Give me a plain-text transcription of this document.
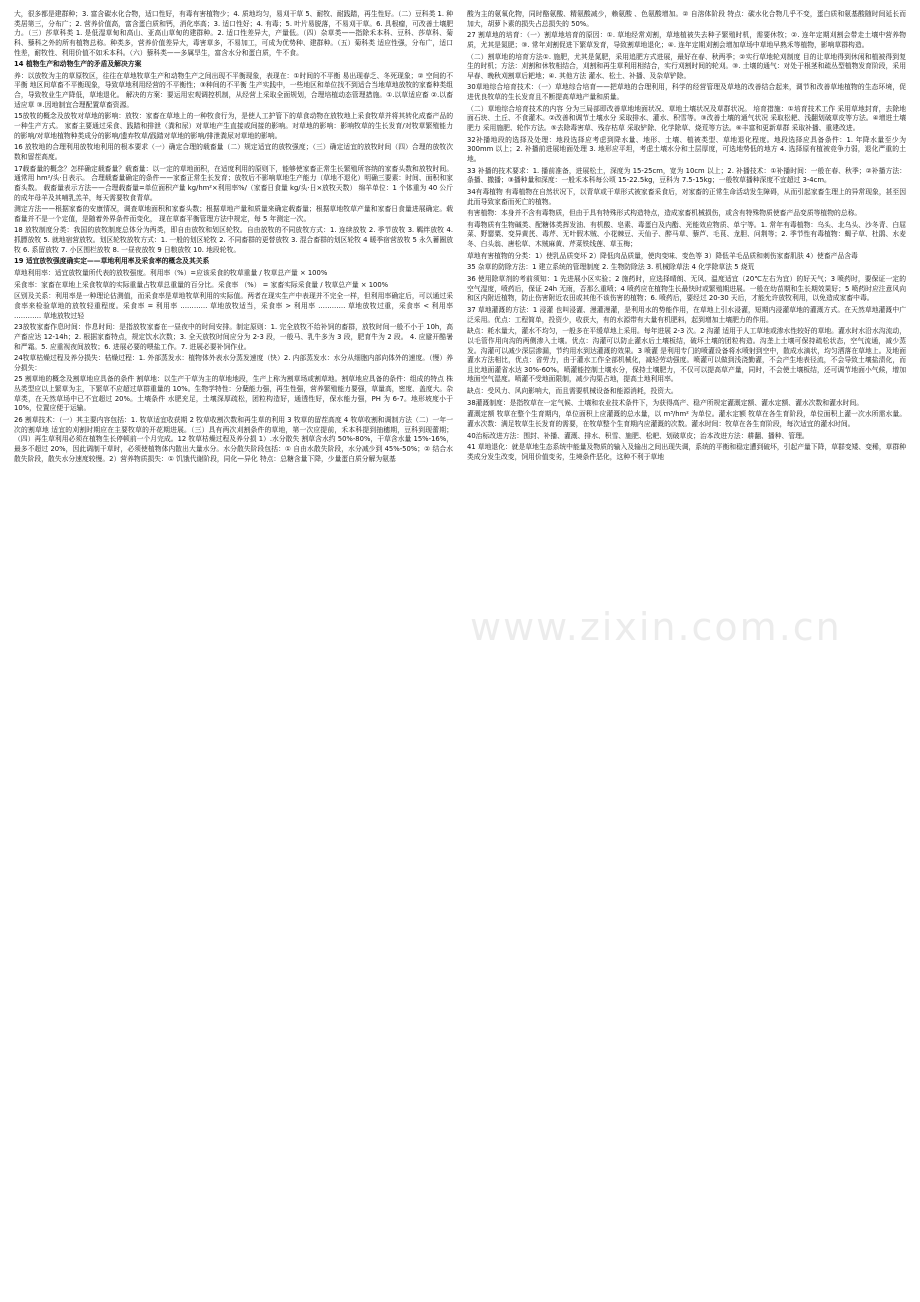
大，很多都是建群种；3. 富含碳水化合物，适口性好，有毒有害植物少；4. 质地均匀，易刈干草 5、耐牧、耐践踏，再生性好。（二）豆科类 1. 种类居第三，分布广；2. 营养价值高，富含蛋白质和钙，消化率高；3. 适口性好；4. 有毒；5. 叶片易脱落，不易刈干草。6. 具根瘤，可改善土壤肥力。（三）莎草科类 1. 是低湿草甸和高山、亚高山草甸的建群种。2. 适口性差异大，产量低。（四）杂草类——指除禾本科、豆科、莎草科、菊科、藜科之外的所有植物总称。种类多，营养价值差异大，毒害草多，不易加工，可成为优势种、建群种。（五）菊科类 适应性强，分布广，适口性差，耐牧性、利用价值不如禾本科。（六）藜科类——多属旱生，富含水分和蛋白质，牛不食。

14 植物生产和动物生产的矛盾及解决方案

养：以放牧为主的草原牧区，往往在草地牧草生产和动物生产之间出现不平衡现象，表现在：①时间的不平衡 易出现春乏、冬死现象；② 空间的不平衡 地区间草畜不平衡现象，导致草地利用经营的不平衡性；③种间的不平衡 生产实践中，一些地区和单位找不到适合当地草地放牧的家畜种类组合，导致牧业生产降低，草地退化。 解决的方案：要运用宏观调控机制，从经营上采取全面规划，合理培植动态管理措施。①.以草适应畜 ②.以畜适应草 ③.因地制宜合理配置草畜资源。

15放牧的概念及放牧对草地的影响：放牧：家畜在草地上的一种牧食行为，是使人工护管下的草食动物在放牧地上采食牧草并将其转化成畜产品的一种生产方式。 家畜主要通过采食、践踏和排泄（粪和尿）对草地产生直接或间接的影响。对草地的影响：影响牧草的生长发育/对牧草繁殖能力的影响/对草地植物种类成分的影响/遗弃牧草/践踏对草地的影响/排泄粪尿对草地的影响。

16 放牧地的合理利用放牧地利用的根本要求（一）确定合理的载畜量（二）规定适宜的放牧强度；（三）确定适宜的放牧时间（四）合理的放牧次数和留茬高度。

17载畜量的概念？怎样确定载畜量？载畜量：以一定的草地面积，在适度利用的原则下，能够使家畜正常生长繁殖所容纳的家畜头数和放牧时间。通常用 hm²/头·日表示。 合理载畜量确定的条件——家畜正常生长发育；放牧后不影响草地生产能力（草地不退化）明确三要素：时间、面积和家畜头数。 载畜量表示方法——合理载畜量=单位面积产量 kg/hm²×利用率%/（家畜日食量 kg/头·日×放牧天数） 绵羊单位：1 个体重为 40 公斤的成年母羊及其哺乳羔羊，每天需要牧食青草。

测定方法——根据家畜的安康情况，调查草地面积和家畜头数；根据草地产量和质量来确定载畜量；根据草地牧草产量和家畜日食量进展确定。载畜量并不是一个定值，是随着外界条件而变化， 现在草畜平衡管理方法中规定，每 5 年测定一次。

18 放牧制度分类：我国的放牧制度总体分为两类，即自由放牧和划区轮牧。自由放牧的不同放牧方式：1. 连续放牧 2. 季节放牧 3. 羁绊放牧 4. 抓膘放牧 5. 就地宿营放牧。划区轮牧放牧方式：1. 一般的划区轮牧 2. 不同畜群的更替放牧 3. 混合畜群的划区轮牧 4 暖季宿营放牧 5 永久蓄圈放牧 6. 系留放牧 7. 小区围栏放牧 8. 一昼夜放牧 9 日粮放牧 10. 地段轮牧。

19 适宜放牧强度确实定——草地利用率及采食率的概念及其关系

草地利用率：适宜放牧量所代表的放牧强度。利用率（%）=应该采食的牧草重量 / 牧草总产量 × 100%

采食率：家畜在草地上采食牧草的实际重量占牧草总重量的百分比。采食率 （%） = 家畜实际采食量 / 牧草总产量 × 100%

区别及关系：利用率是一种理论估测值，而采食率是草地牧草利用的实际值。两者在现实生产中表现并不完全一样，但利用率确定后，可以通过采食率来检验草地的放牧轻重程度。采食率 = 利用率 ………… 草地放牧适当，采食率 > 利用率 ………… 草地放牧过重，采食率 < 利用率 ………… 草地放牧过轻

23放牧家畜作息时间：作息时间：是指放牧家畜在一昼夜中的时间安排。制定原则：1. 完全放牧不给补饲的畜群，放牧时间一般不小于 10h，高产畜应达 12-14h；2. 根据家畜特点，规定饮水次数；3. 全天放牧时间应分为 2-3 段，一般马、乳牛多为 3 段，肥育牛为 2 段。 4. 应避开酷暑和严霜。5. 应重视夜间放牧；6. 进展必要的喂盐工作。7. 进展必要补饲作业。

24牧草枯燥过程及养分损失：枯燥过程：1. 外部蒸发水：植物体外表水分蒸发速度（快）2. 内部蒸发水：水分从细胞内部向体外的速度。（慢）养分损失：

25 割草地的概念及割草地应具备的条件 割草地：以生产干草为主的草地地段，生产上称为割草场或割草地。割草地应具备的条件：组成的特点 株丛类型应以上繁草为主，下繁草不应超过草群重量的 10%。生物学特性：分蘖能力强，再生性强，营养繁殖能力要强，草量高，密度、盖度大。杂草类，在天然草场中已不宜超过 20%。土壤条件 水肥充足，土壤深厚疏松，团粒构造好，通透性好，保水能力强，PH 为 6-7。地形坡度小于 10%，位置应便于运输。

26 割草技术：（一）其主要内容包括：1. 牧草适宜收获期 2 牧草收割次数和再生草的利用 3 牧草的留茬高度 4 牧草收割和调制方法（二）一年一次的割草地 适宜的刈割时期应在主要牧草的开花期进展。（三）具有两次刈割条件的草地，第一次应提前，禾本科提到抽穗期，豆科到现蕾期；（四）再生草利用必须在植物生长停顿前一个月完成。12 牧草枯燥过程及养分损 1）.水分散失 割草含水约 50%-80%，干草含水量 15%-16%，最多不超过 20%，因此调制干草时，必须使植物体内散出大量水分。水分散失阶段包括：① 自由水散失阶段，水分减少到 45%-50%；② 结合水散失阶段，散失水分速度较慢。2）营养物质损失：① 饥饿代谢阶段，同化—异化 特点：总糖含量下降，少量蛋白质分解为氨基

酸为主的氨氧化物，同时酪氨酸、精氨酸减少，赖氨酸 、色氨酸增加。② 自溶体阶段 特点：碳水化合物几乎不变，蛋白质和氨基酸随时间延长而加大，胡萝卜素的损失占总损失的 50%。

27 割草地的培育：（一）割草地培育的原因：①. 草地经常刈割，草地植被失去种子繁殖时机，需要休牧；②. 连年定期刈割会带走土壤中营养物质，尤其是氮肥；③. 常年刈割促进下繁草发育，导致割草地退化；④. 连年定期刈割会增加草场中草地早熟禾等植物，影响草群构造。

（二）割草地的培育方法①. 施肥，尤其是氮肥，采用追肥方式进展，最好在春、秋两季；②实行草地轮刈制度 目的让草地得到休闲和植被得到复生的时机；方法：刈割和休牧相结合，刈割和再生草利用相结合，实行刈割时间的轮刈。③. 土壤的通气：对处于根茎和疏丛型植物发育阶段，采用早春、晚秋刈割草后耙地；④. 其他方法 灌水、松土、补播、及杂草铲除。

30草地综合培育技术：（一）草地综合培育——把草地的合理利用，科学的经营管理及草地的改善结合起来，调节和改善草地植物的生态环境，促进优良牧草的生长发育且不断提高草地产量和质量。

（二）草地综合培育技术的内容 分为三局部即改善草地地面状况、草地土壤状况及草群状况。 培育措施：①培育技术工作 采用草地封育，去除地面石块、土丘、不食灌木。②改善和调节土壤水分 采取排水、灌水、积雪等。③改善土壤的通气状况 采取松耙、浅翻划破草皮等方法。④增进土壤肥力 采用施肥、轮作方法。⑤去除毒害草、残存枯草 采取铲除、化学除草、烧荒等方法。⑥丰富和更新草群 采取补播、重建改进。

32补播地段的选择及处理：地段选择应考虑到降水量、地形、土壤、植被类型、草地退化程度。地段选择应具备条件：1. 年降水量至少为 300mm 以上；2. 补播前进展地面处理 3. 地形应平坦，考虑土壤水分和土层厚度，可选地势低的地方 4. 选择原有植被竞争力弱，退化严重的土地。

33 补播的技术要求：1. 播前准备，进展松土，深度为 15-25cm，宽为 10cm 以上；2. 补播技术：①补播时间：一般在春、秋季；②补播方法：条播、撒播；③播种量和深度：一般禾本科每公顷 15-22.5kg，豆科为 7.5-15kg；一般牧草播种深度不宜超过 3-4cm。

34有毒植物 有毒植物在自然状况下，以青草或干草形式被家畜采食后，对家畜的正常生命活动发生障碍，从而引起家畜生理上的异常现象，甚至因此而导致家畜而死亡的植物。

有害植物：本身并不含有毒物质，但由于具有特殊形式构造特点，造成家畜机械损伤，或含有特殊物质使畜产品变质等植物的总称。

有毒物质有生物碱类、配糖体类挥发油、有机酸、皂素、毒蛋白及内酯、光能效应物质、单宁等。1. 常年有毒植物：乌头、北乌头、沙冬青、白屈菜、野罂粟、变异黄芪、毒芹、无叶假木贼、小花棘豆、天仙子、醉马草、藜芦、毛茛、龙胆、问荆等；2. 季节性有毒植物：蝎子草、杜鹃、水麦冬、白头翁、唐松草、木贼麻黄、芹菜铁线莲、草玉梅；

草地有害植物的分类：1）使乳品质变坏 2）降低肉品质量，使肉变味、变色等 3）降低羊毛品质和刺伤家畜肌肤 4）使畜产品含毒

35 杂草的防除方法：1 建立系统的管理制度 2. 生物防除法 3. 机械除草法 4 化学除草法 5 烧荒

36 使用除草剂的考前须知：1 先进展小区实验；2 施药时，应选择晴朗、无风、温度适宜（20℃左右为宜）的好天气；3 喷药时，要保证一定的空气湿度，喷药后，保证 24h 无雨，否那么重喷；4 喷药应在植物生长最快时或繁殖期进展。一般在幼苗期和生长期效果好；5 喷药时应注意风向和区内附近植物，防止伤害附近农田或其他不该伤害的植物；6. 喷药后，要经过 20-30 天后，才能允许放牧利用，以免造成家畜中毒。

37 草地灌溉的方法：1 浸灌 也叫浸灌、漫灌漫灌，是利用水的势能作用，在草地上引水浸灌，短期内浸灌草地的灌溉方式。在天然草地灌溉中广泛采用。优点：工程简单，投资少，收获大，有的水源带有大量有机肥料，起到增加土壤肥力的作用。

缺点：耗水量大，灌水不均匀，一般多在平缓草地上采用。每年进展 2-3 次。2 沟灌 适用于人工草地或渗水性较好的草地。灌水时水沿水沟流动，以毛管作用向沟的两侧渗入土壤。优点：沟灌可以防止灌水后土壤板结，破坏土壤的团粒构造。沟垄上土壤可保持疏松状态，空气流通，减少蒸发。沟灌可以减少深层渗漏，节约用水到达灌溉的效果。3 喷灌 是利用专门的喷灌设备将水喷射到空中，散成水滴状，均匀洒落在草地上。及地面灌水方法相比，优点：省劳力，由于灌水工作全部机械化，减轻劳动强度。喷灌可以做到浅浇勤灌，不会产生地表径流，不会导致土壤盐渍化，而且比地面灌省水达 30%-60%。喷灌能控制土壤水分，保持土壤肥力，不仅可以提高草产量，同时，不会使土壤板结，还可调节地面小气候，增加地面空气湿度。喷灌不受地面限制，减少沟渠占地，提高土地利用率。

缺点：受风力、风向影响大，而且需要机械设备和能源消耗，投资大。

38灌溉制度：是指牧草在一定气候、土壤和农业技术条件下，为获得高产、稳产所规定灌溉定额、灌水定额、灌水次数和灌水时间。

灌溉定额 牧草在整个生育期内，单位面积上应灌溉的总水量，以 m³/hm² 为单位。灌水定额 牧草在各生育阶段，单位面积上灌一次水所需水量。灌水次数：满足牧草生长发育的需要，在牧草整个生育期内应灌溉的次数。灌水时间：牧草在各生育阶段，每次适宜的灌水时间。

40治标改进方法：围封、补播、灌溉、排水、积雪、施肥、松耙、划破草皮；治本改进方法：耕翻、播种、管理。

41 草地退化：就是草地生态系统中能量及物质的输入及输出之间出现失调，系统的平衡和稳定遭到破坏，引起产量下降，草群变矮、变稀，草群种类成分发生改变，饲用价值变劣，生境条件恶化，这种不利于草地

www.zixin.com.cn
